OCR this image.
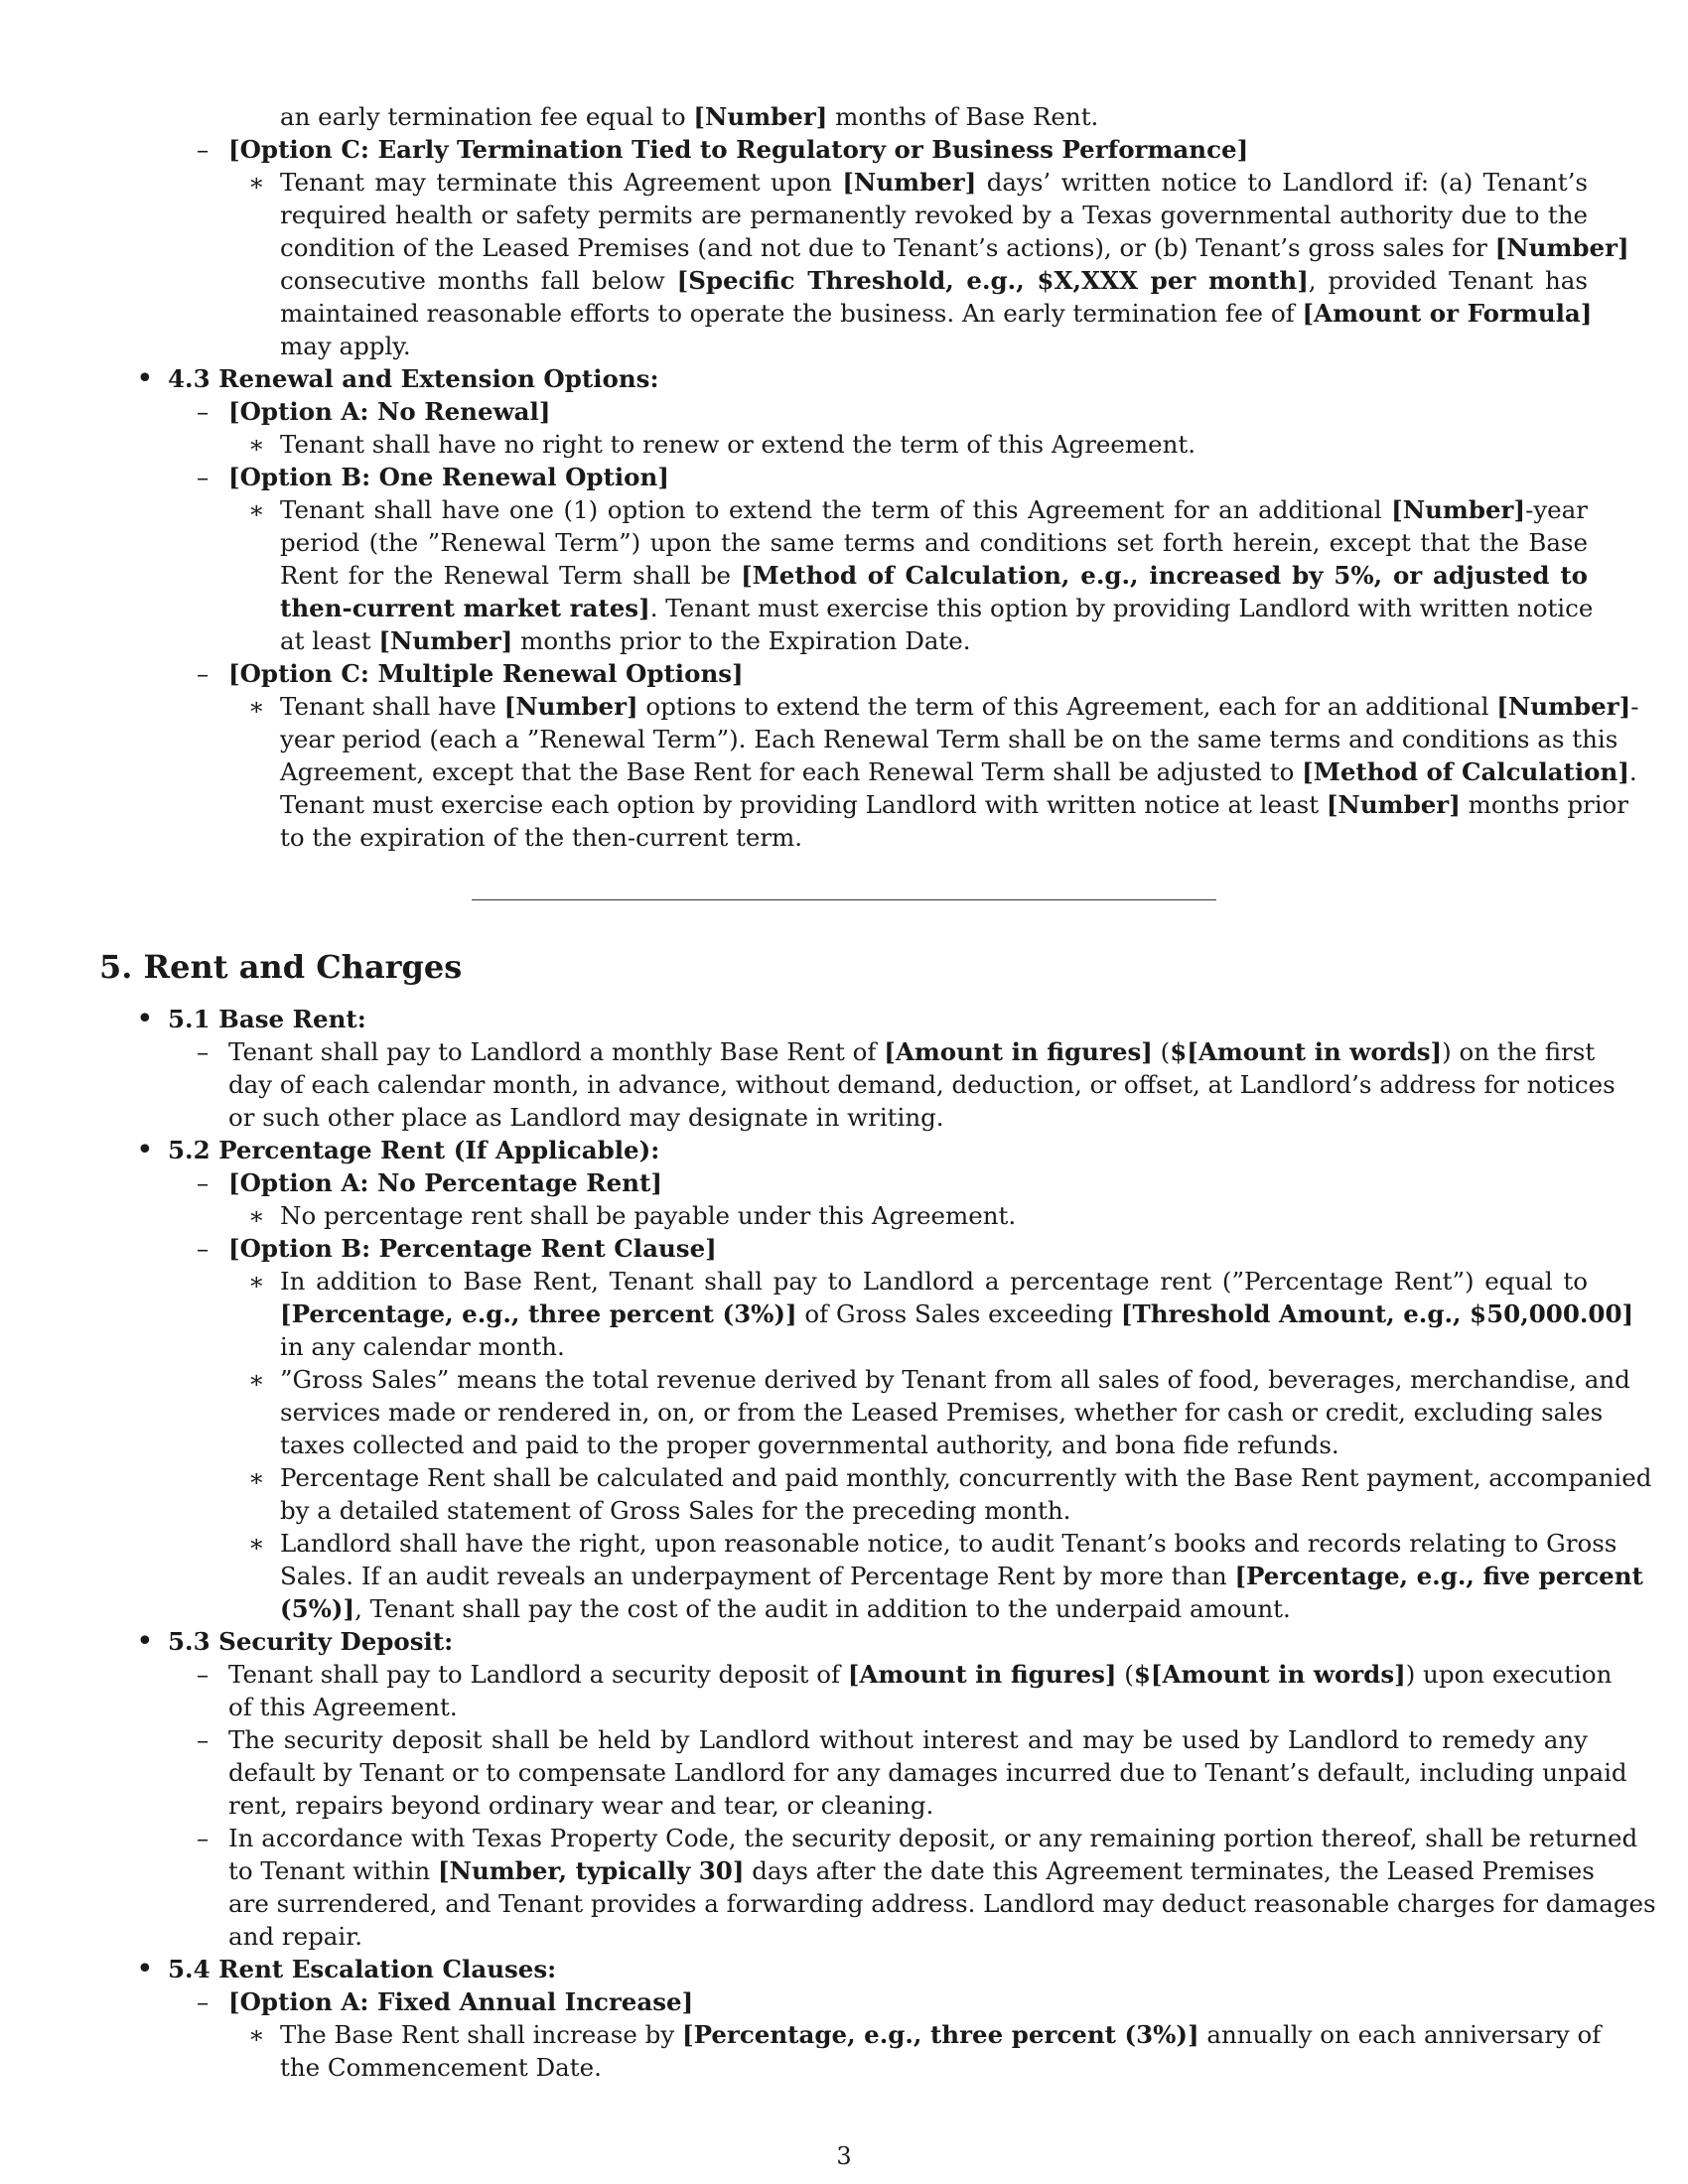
an early termination fee equal to [Number] months of Base Rent.
– [Option C: Early Termination Tied to Regulatory or Business Performance]
∗ Tenant may terminate this Agreement upon [Number] days’ written notice to Landlord if: (a) Tenant’s
required health or safety permits are permanently revoked by a Texas governmental authority due to the
condition of the Leased Premises (and not due to Tenant’s actions), or (b) Tenant’s gross sales for [Number]
consecutive months fall below [Specific Threshold, e.g., $X,XXX per month], provided Tenant has
maintained reasonable efforts to operate the business. An early termination fee of [Amount or Formula]
may apply.
• 4.3 Renewal and Extension Options:
– [Option A: No Renewal]
∗ Tenant shall have no right to renew or extend the term of this Agreement.
– [Option B: One Renewal Option]
∗ Tenant shall have one (1) option to extend the term of this Agreement for an additional [Number]-year
period (the ”Renewal Term”) upon the same terms and conditions set forth herein, except that the Base
Rent for the Renewal Term shall be [Method of Calculation, e.g., increased by 5%, or adjusted to
then-current market rates]. Tenant must exercise this option by providing Landlord with written notice
at least [Number] months prior to the Expiration Date.
– [Option C: Multiple Renewal Options]
∗ Tenant shall have [Number] options to extend the term of this Agreement, each for an additional [Number]-
year period (each a ”Renewal Term”). Each Renewal Term shall be on the same terms and conditions as this
Agreement, except that the Base Rent for each Renewal Term shall be adjusted to [Method of Calculation].
Tenant must exercise each option by providing Landlord with written notice at least [Number] months prior
to the expiration of the then-current term.
5. Rent and Charges
• 5.1 Base Rent:
– Tenant shall pay to Landlord a monthly Base Rent of [Amount in figures] ($[Amount in words]) on the first
day of each calendar month, in advance, without demand, deduction, or offset, at Landlord’s address for notices
or such other place as Landlord may designate in writing.
• 5.2 Percentage Rent (If Applicable):
– [Option A: No Percentage Rent]
∗ No percentage rent shall be payable under this Agreement.
– [Option B: Percentage Rent Clause]
∗ In addition to Base Rent, Tenant shall pay to Landlord a percentage rent (”Percentage Rent”) equal to
[Percentage, e.g., three percent (3%)] of Gross Sales exceeding [Threshold Amount, e.g., $50,000.00]
in any calendar month.
∗ ”Gross Sales” means the total revenue derived by Tenant from all sales of food, beverages, merchandise, and
services made or rendered in, on, or from the Leased Premises, whether for cash or credit, excluding sales
taxes collected and paid to the proper governmental authority, and bona fide refunds.
∗ Percentage Rent shall be calculated and paid monthly, concurrently with the Base Rent payment, accompanied
by a detailed statement of Gross Sales for the preceding month.
∗ Landlord shall have the right, upon reasonable notice, to audit Tenant’s books and records relating to Gross
Sales. If an audit reveals an underpayment of Percentage Rent by more than [Percentage, e.g., five percent
(5%)], Tenant shall pay the cost of the audit in addition to the underpaid amount.
• 5.3 Security Deposit:
– Tenant shall pay to Landlord a security deposit of [Amount in figures] ($[Amount in words]) upon execution
of this Agreement.
– The security deposit shall be held by Landlord without interest and may be used by Landlord to remedy any
default by Tenant or to compensate Landlord for any damages incurred due to Tenant’s default, including unpaid
rent, repairs beyond ordinary wear and tear, or cleaning.
– In accordance with Texas Property Code, the security deposit, or any remaining portion thereof, shall be returned
to Tenant within [Number, typically 30] days after the date this Agreement terminates, the Leased Premises
are surrendered, and Tenant provides a forwarding address. Landlord may deduct reasonable charges for damages
and repair.
• 5.4 Rent Escalation Clauses:
– [Option A: Fixed Annual Increase]
∗ The Base Rent shall increase by [Percentage, e.g., three percent (3%)] annually on each anniversary of
the Commencement Date.
3
